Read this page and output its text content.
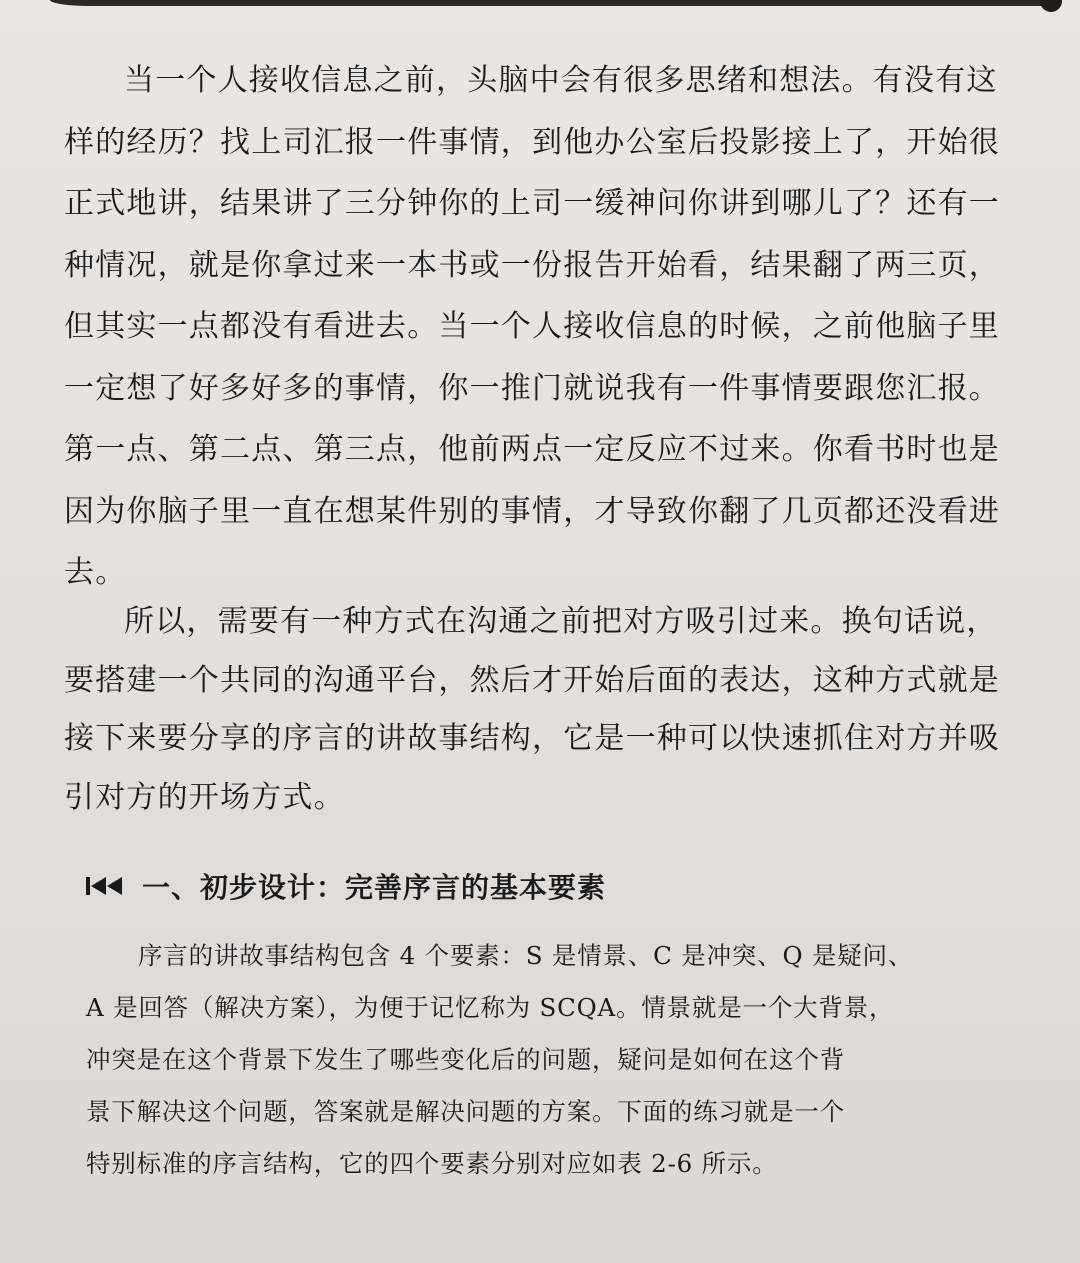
当一个人接收信息之前，头脑中会有很多思绪和想法。有没有这
样的经历？找上司汇报一件事情，到他办公室后投影接上了，开始很
正式地讲，结果讲了三分钟你的上司一缓神问你讲到哪儿了？还有一
种情况，就是你拿过来一本书或一份报告开始看，结果翻了两三页，
但其实一点都没有看进去。当一个人接收信息的时候，之前他脑子里
一定想了好多好多的事情，你一推门就说我有一件事情要跟您汇报。
第一点、第二点、第三点，他前两点一定反应不过来。你看书时也是
因为你脑子里一直在想某件别的事情，才导致你翻了几页都还没看进
去。
所以，需要有一种方式在沟通之前把对方吸引过来。换句话说，
要搭建一个共同的沟通平台，然后才开始后面的表达，这种方式就是
接下来要分享的序言的讲故事结构，它是一种可以快速抓住对方并吸
引对方的开场方式。
一、初步设计：完善序言的基本要素
序言的讲故事结构包含 4 个要素：S 是情景、C 是冲突、Q 是疑问、
A 是回答（解决方案），为便于记忆称为 SCQA。情景就是一个大背景，
冲突是在这个背景下发生了哪些变化后的问题，疑问是如何在这个背
景下解决这个问题，答案就是解决问题的方案。下面的练习就是一个
特别标准的序言结构，它的四个要素分别对应如表 2-6 所示。
